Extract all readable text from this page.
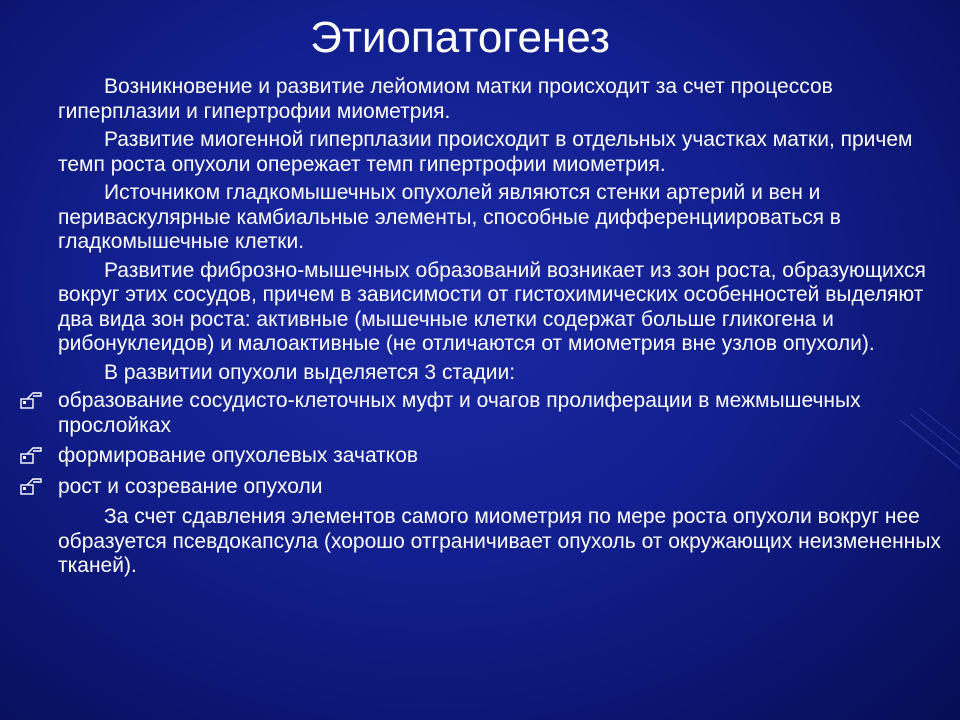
Этиопатогенез

Возникновение и развитие лейомиом матки происходит за счет процессов гиперплазии и гипертрофии миометрия.

Развитие миогенной гиперплазии происходит в отдельных участках матки, причем темп роста опухоли опережает темп гипертрофии миометрия.

Источником гладкомышечных опухолей являются стенки артерий и вен и периваскулярные камбиальные элементы, способные дифференциироваться в гладкомышечные клетки.

Развитие фиброзно-мышечных образований возникает из зон роста, образующихся вокруг этих сосудов, причем в зависимости от гистохимических особенностей выделяют два вида зон роста: активные (мышечные клетки содержат больше гликогена и рибонуклеидов) и малоактивные (не отличаются от миометрия вне узлов опухоли).

В развитии опухоли выделяется 3 стадии:

образование сосудисто-клеточных муфт и очагов пролиферации в межмышечных прослойках
формирование опухолевых зачатков
рост и созревание опухоли

За счет сдавления элементов самого миометрия по мере роста опухоли вокруг нее образуется псевдокапсула (хорошо отграничивает опухоль от окружающих неизмененных тканей).
